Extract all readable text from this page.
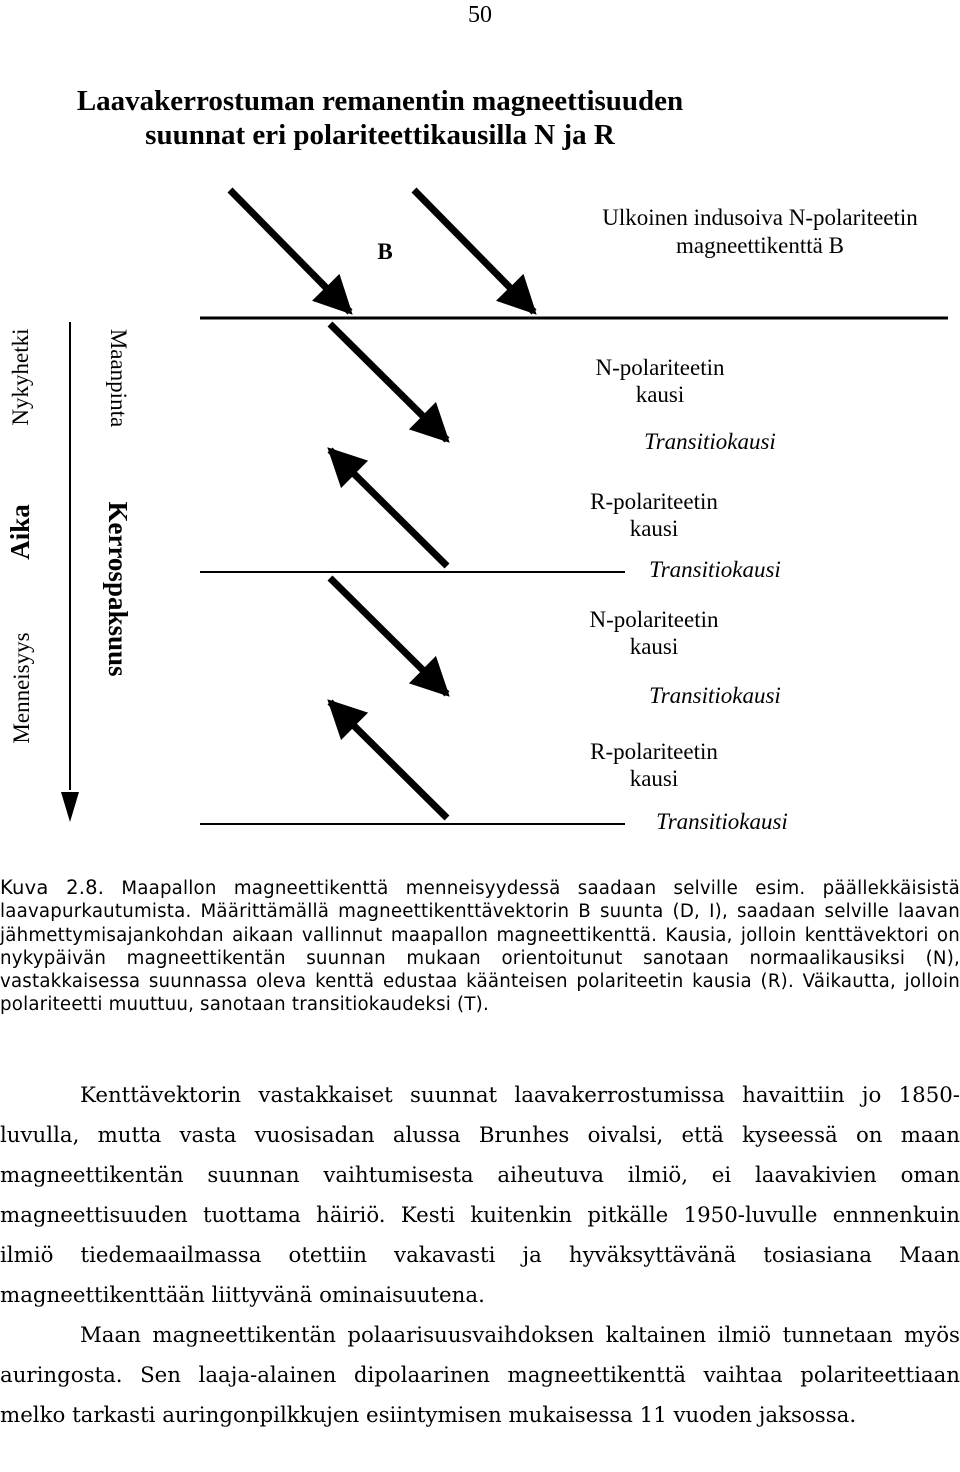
50
Laavakerrostuman remanentin magneettisuuden
suunnat eri polariteettikausilla N ja R
B
Ulkoinen indusoiva N-polariteetin
magneettikenttä B
N-polariteetin
kausi
Transitiokausi
R-polariteetin
kausi
Transitiokausi
N-polariteetin
kausi
Transitiokausi
R-polariteetin
kausi
Transitiokausi
Nykyhetki
Aika
Menneisyys
Maanpinta
Kerrospaksuus
Kuva 2.8. Maapallon magneettikenttä menneisyydessä saadaan selville esim. päällekkäisistä laavapurkautumista. Määrittämällä magneettikenttävektorin B suunta (D, I), saadaan selville laavan jähmettymisajankohdan aikaan vallinnut maapallon magneettikenttä. Kausia, jolloin kenttävektori on nykypäivän magneettikentän suunnan mukaan orientoitunut sanotaan normaalikausiksi (N), vastakkaisessa suunnassa oleva kenttä edustaa käänteisen polariteetin kausia (R). Väikautta, jolloin polariteetti muuttuu, sanotaan transitiokaudeksi (T).

Kenttävektorin vastakkaiset suunnat laavakerrostumissa havaittiin jo 1850-luvulla, mutta vasta vuosisadan alussa Brunhes oivalsi, että kyseessä on maan magneettikentän suunnan vaihtumisesta aiheutuva ilmiö, ei laavakivien oman magneettisuuden tuottama häiriö. Kesti kuitenkin pitkälle 1950-luvulle ennnenkuin ilmiö tiedemaailmassa otettiin vakavasti ja hyväksyttävänä tosiasiana Maan magneettikenttään liittyvänä ominaisuutena.

Maan magneettikentän polaarisuusvaihdoksen kaltainen ilmiö tunnetaan myös auringosta. Sen laaja-alainen dipolaarinen magneettikenttä vaihtaa polariteettiaan melko tarkasti auringonpilkkujen esiintymisen mukaisessa 11 vuoden jaksossa.
